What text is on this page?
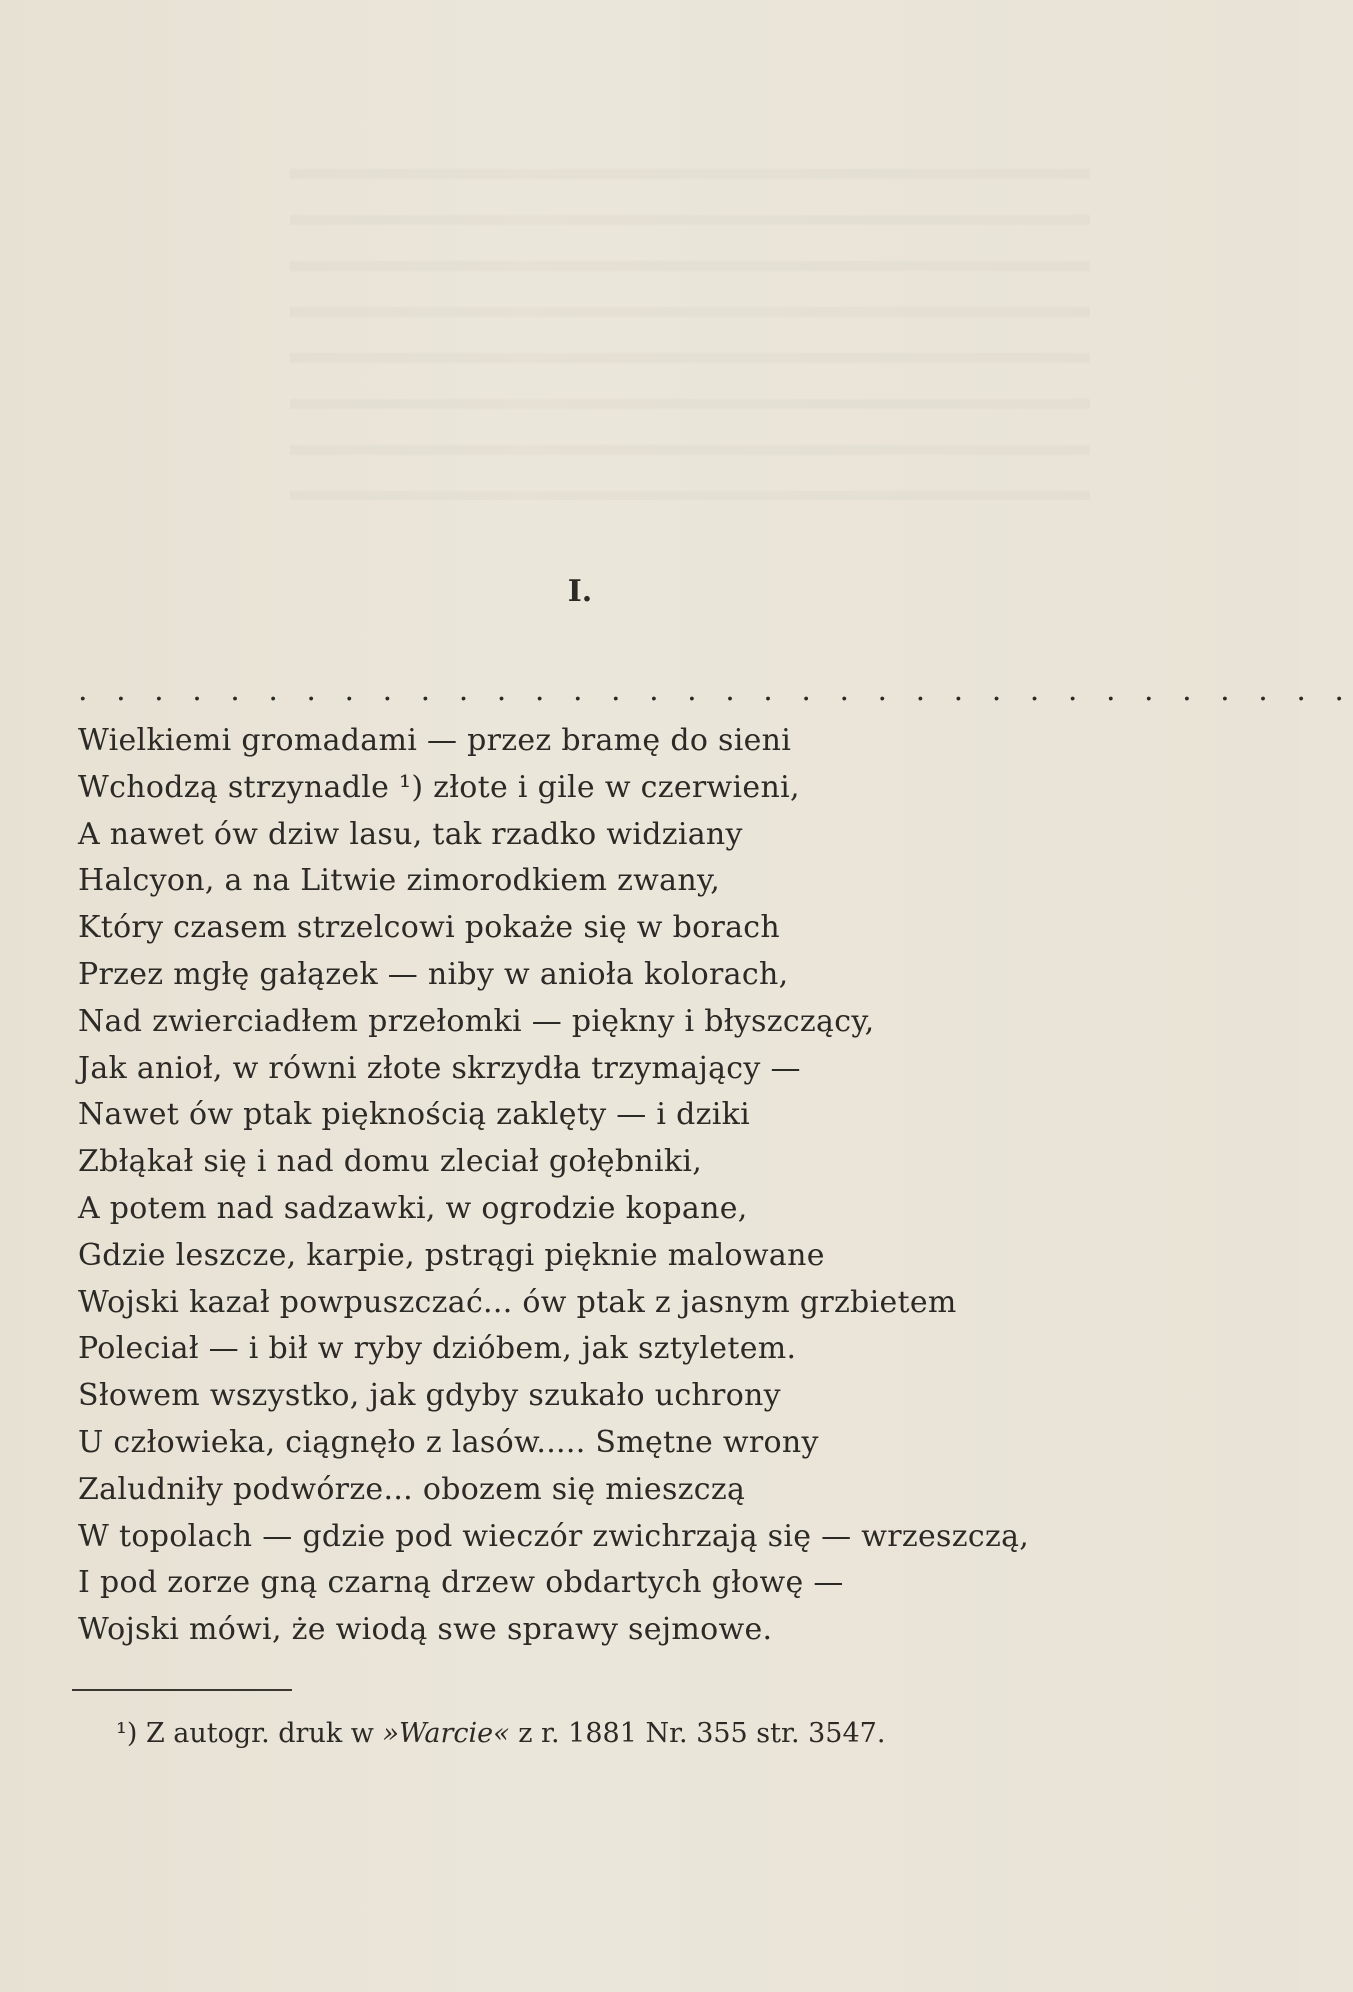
I.
. . . . . . . . . . . . . . . . . . . . . . . . . . . . . . . . . .
Wielkiemi gromadami — przez bramę do sieni
Wchodzą strzynadle ¹) złote i gile w czerwieni,
A nawet ów dziw lasu, tak rzadko widziany
Halcyon, a na Litwie zimorodkiem zwany,
Który czasem strzelcowi pokaże się w borach
Przez mgłę gałązek — niby w anioła kolorach,
Nad zwierciadłem przełomki — piękny i błyszczący,
Jak anioł, w równi złote skrzydła trzymający —
Nawet ów ptak pięknością zaklęty — i dziki
Zbłąkał się i nad domu zleciał gołębniki,
A potem nad sadzawki, w ogrodzie kopane,
Gdzie leszcze, karpie, pstrągi pięknie malowane
Wojski kazał powpuszczać... ów ptak z jasnym grzbietem
Poleciał — i bił w ryby dzióbem, jak sztyletem.
Słowem wszystko, jak gdyby szukało uchrony
U człowieka, ciągnęło z lasów..... Smętne wrony
Zaludniły podwórze... obozem się mieszczą
W topolach — gdzie pod wieczór zwichrzają się — wrzeszczą,
I pod zorze gną czarną drzew obdartych głowę —
Wojski mówi, że wiodą swe sprawy sejmowe.
¹) Z autogr. druk w »Warcie« z r. 1881 Nr. 355 str. 3547.
